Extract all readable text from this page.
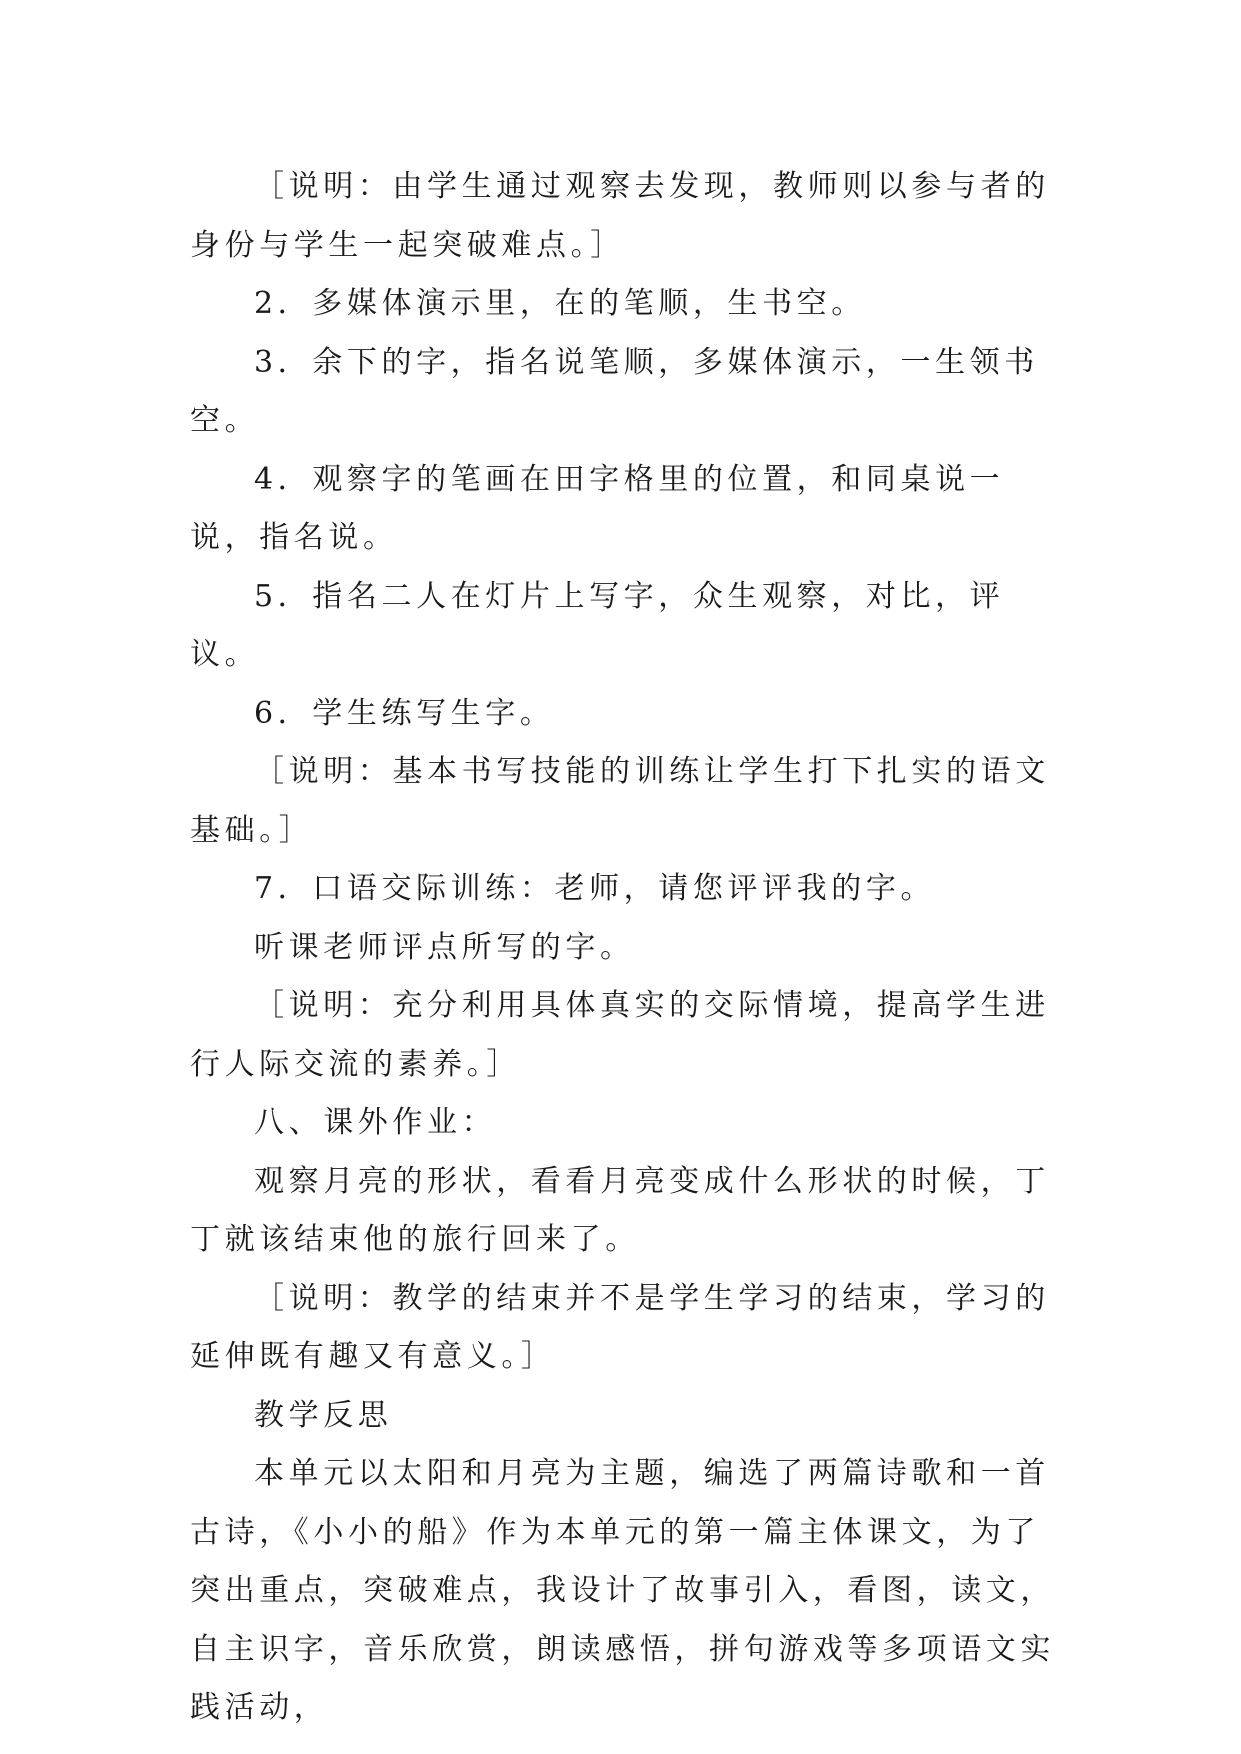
［说明：由学生通过观察去发现，教师则以参与者的身份与学生一起突破难点。］

2．多媒体演示里，在的笔顺，生书空。

3．余下的字，指名说笔顺，多媒体演示，一生领书空。

4．观察字的笔画在田字格里的位置，和同桌说一说，指名说。

5．指名二人在灯片上写字，众生观察，对比，评议。

6．学生练写生字。

［说明：基本书写技能的训练让学生打下扎实的语文基础。］

7．口语交际训练：老师，请您评评我的字。

听课老师评点所写的字。

［说明：充分利用具体真实的交际情境，提高学生进行人际交流的素养。］

八、课外作业：

观察月亮的形状，看看月亮变成什么形状的时候，丁丁就该结束他的旅行回来了。

［说明：教学的结束并不是学生学习的结束，学习的延伸既有趣又有意义。］

教学反思

本单元以太阳和月亮为主题，编选了两篇诗歌和一首古诗，《小小的船》作为本单元的第一篇主体课文，为了突出重点，突破难点，我设计了故事引入，看图，读文，自主识字，音乐欣赏，朗读感悟，拼句游戏等多项语文实践活动，
